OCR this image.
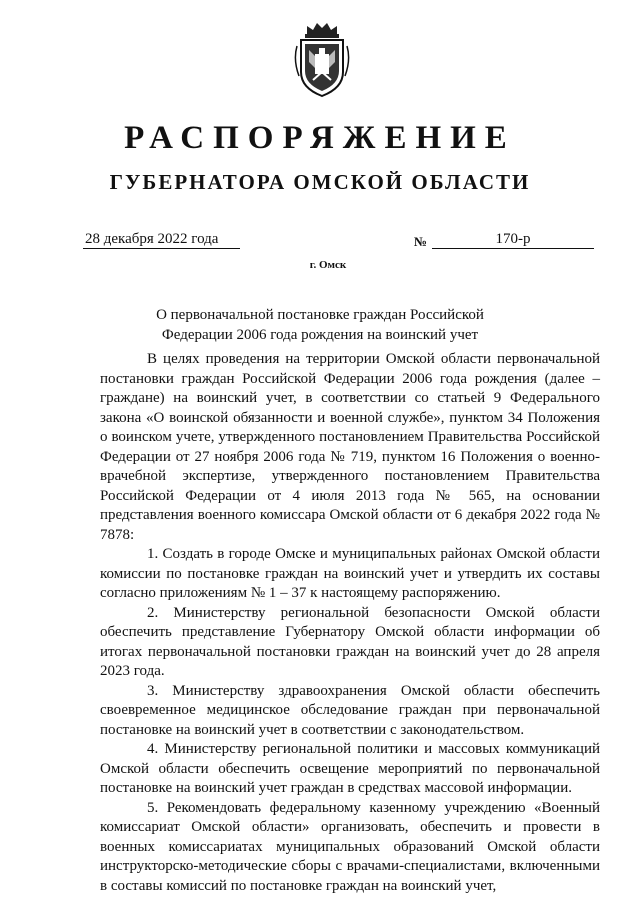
РАСПОРЯЖЕНИЕ
ГУБЕРНАТОРА ОМСКОЙ ОБЛАСТИ
28 декабря 2022 года	№	170-р
г. Омск
О первоначальной постановке граждан Российской
Федерации 2006 года рождения на воинский учет

В целях проведения на территории Омской области первоначальной постановки граждан Российской Федерации 2006 года рождения (далее – граждане) на воинский учет, в соответствии со статьей 9 Федерального закона «О воинской обязанности и военной службе», пунктом 34 Положения о воинском учете, утвержденного постановлением Правительства Российской Федерации от 27 ноября 2006 года № 719, пунктом 16 Положения о военно-врачебной экспертизе, утвержденного постановлением Правительства Российской Федерации от 4 июля 2013 года № 565, на основании представления военного комиссара Омской области от 6 декабря 2022 года № 7878:

1. Создать в городе Омске и муниципальных районах Омской области комиссии по постановке граждан на воинский учет и утвердить их составы согласно приложениям № 1 – 37 к настоящему распоряжению.

2. Министерству региональной безопасности Омской области обеспечить представление Губернатору Омской области информации об итогах первоначальной постановки граждан на воинский учет до 28 апреля 2023 года.

3. Министерству здравоохранения Омской области обеспечить своевременное медицинское обследование граждан при первоначальной постановке на воинский учет в соответствии с законодательством.

4. Министерству региональной политики и массовых коммуникаций Омской области обеспечить освещение мероприятий по первоначальной постановке на воинский учет граждан в средствах массовой информации.

5. Рекомендовать федеральному казенному учреждению «Военный комиссариат Омской области» организовать, обеспечить и провести в военных комиссариатах муниципальных образований Омской области инструкторско-методические сборы с врачами-специалистами, включенными в составы комиссий по постановке граждан на воинский учет,
